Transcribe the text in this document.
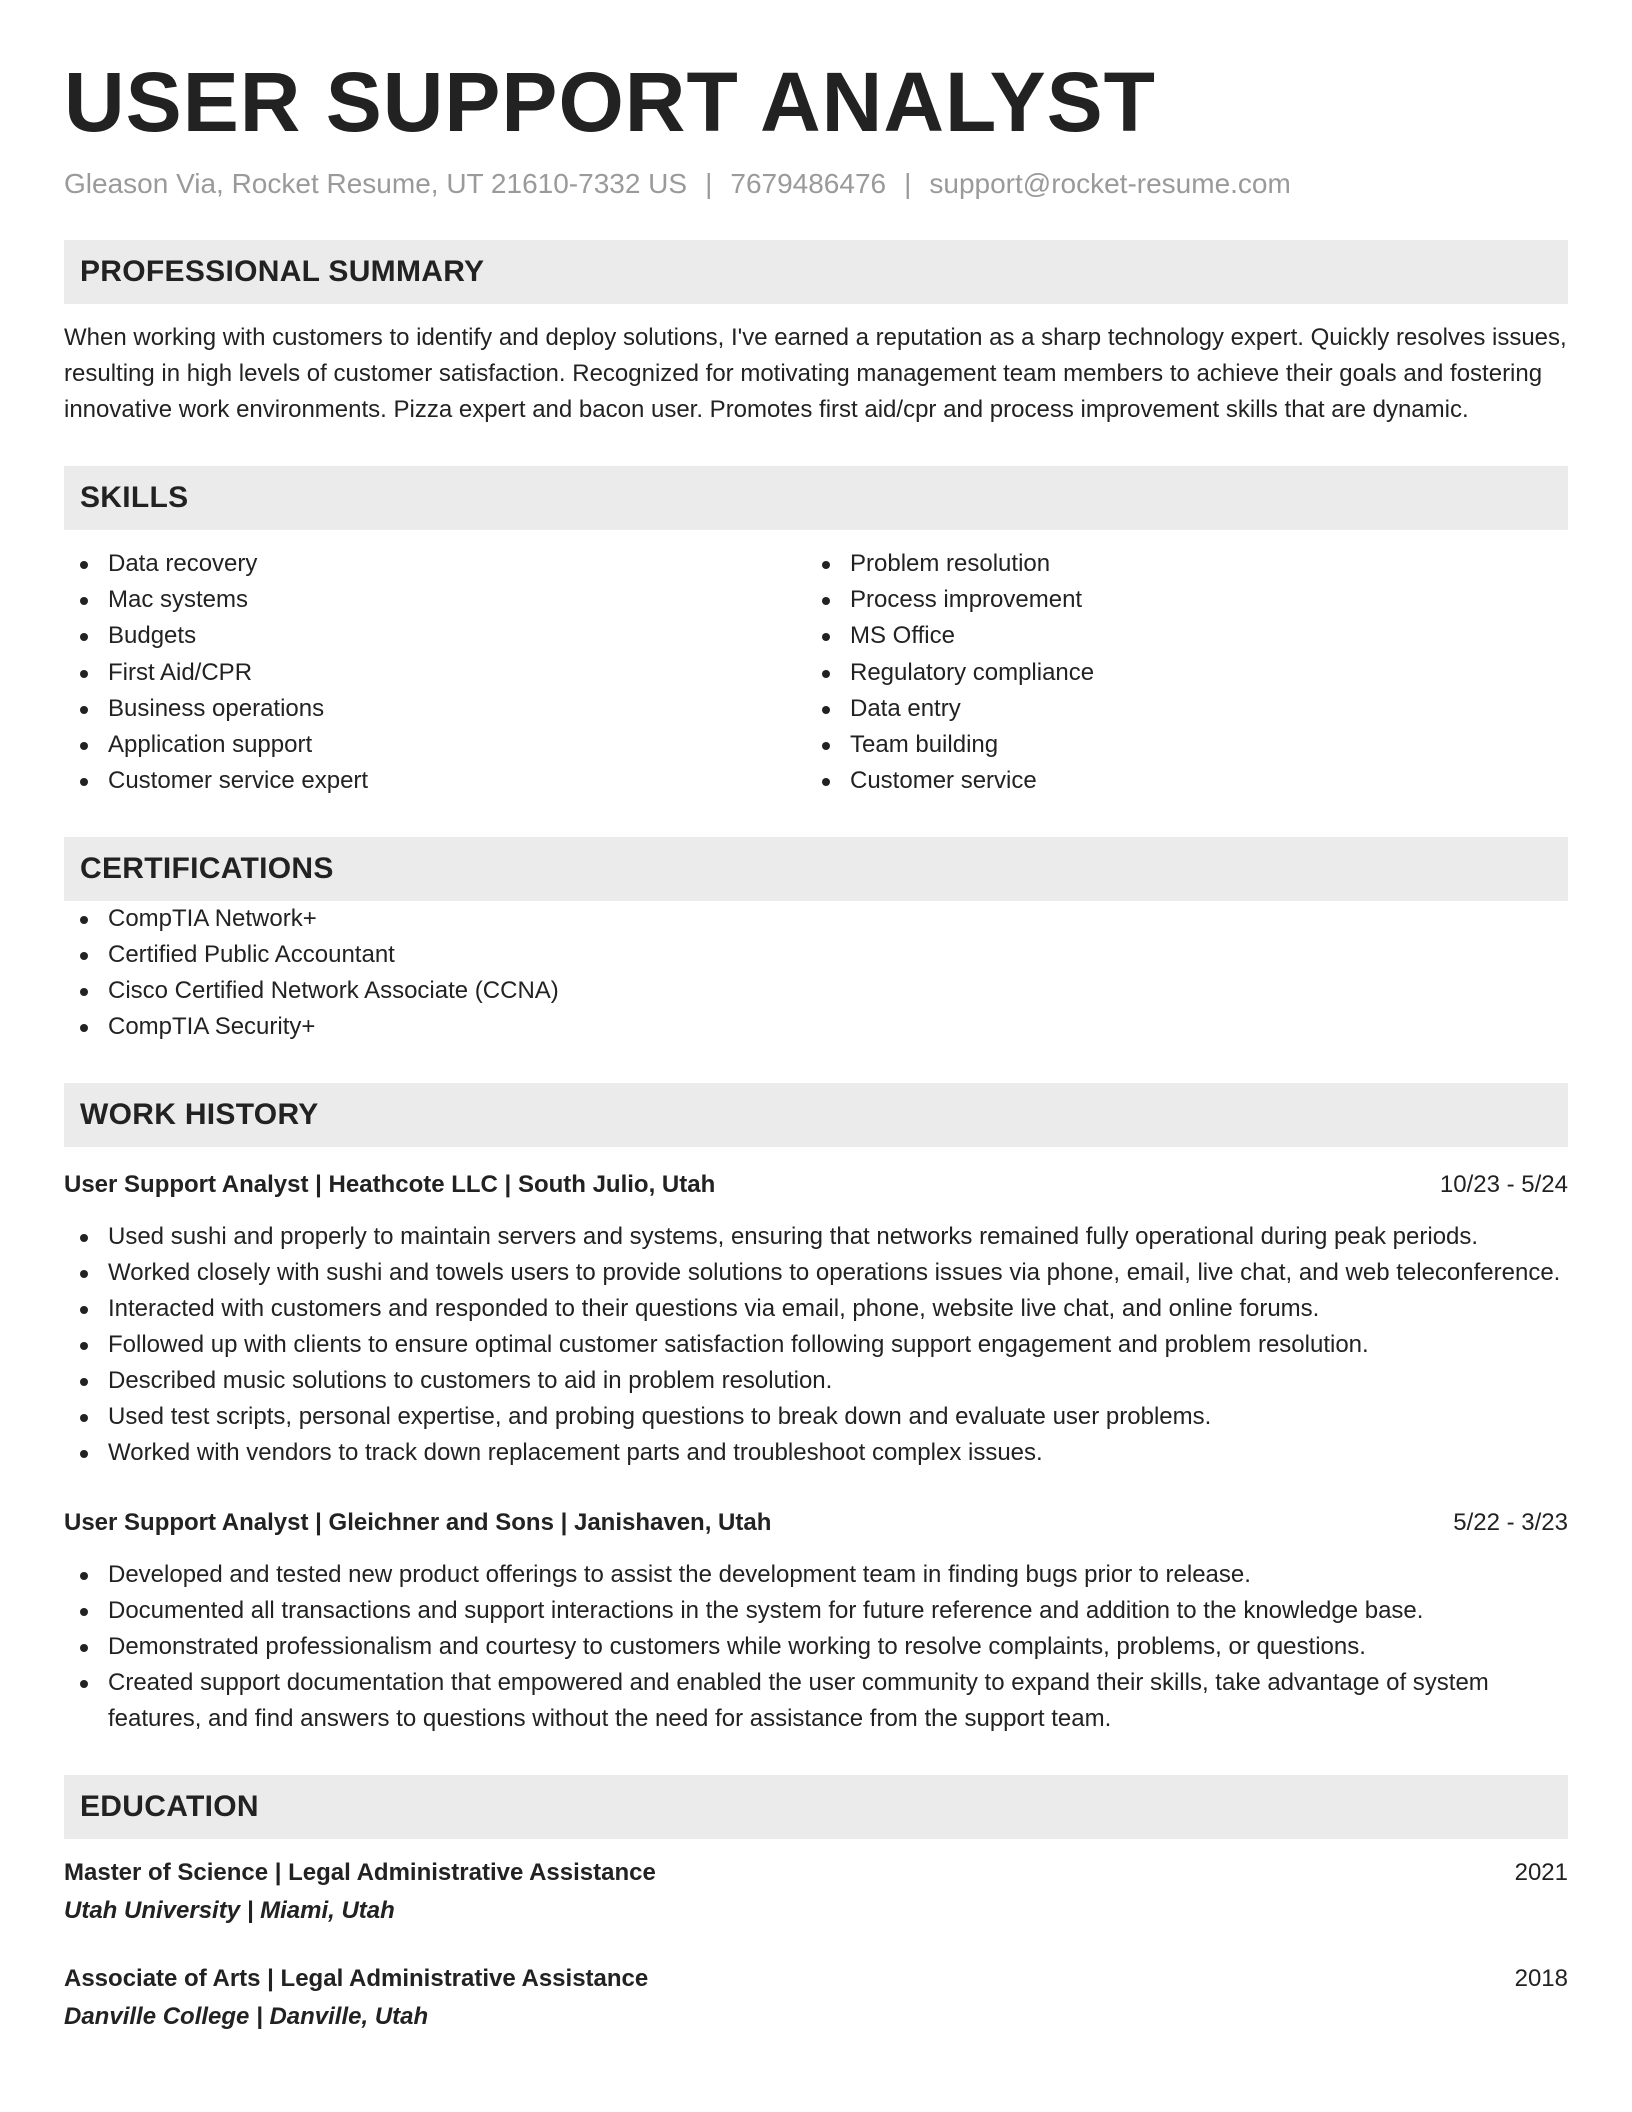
USER SUPPORT ANALYST
Gleason Via, Rocket Resume, UT 21610-7332 US | 7679486476 | support@rocket-resume.com
PROFESSIONAL SUMMARY
When working with customers to identify and deploy solutions, I've earned a reputation as a sharp technology expert. Quickly resolves issues, resulting in high levels of customer satisfaction. Recognized for motivating management team members to achieve their goals and fostering innovative work environments. Pizza expert and bacon user. Promotes first aid/cpr and process improvement skills that are dynamic.
SKILLS
Data recovery
Mac systems
Budgets
First Aid/CPR
Business operations
Application support
Customer service expert
Problem resolution
Process improvement
MS Office
Regulatory compliance
Data entry
Team building
Customer service
CERTIFICATIONS
CompTIA Network+
Certified Public Accountant
Cisco Certified Network Associate (CCNA)
CompTIA Security+
WORK HISTORY
User Support Analyst | Heathcote LLC | South Julio, Utah	10/23 - 5/24
Used sushi and properly to maintain servers and systems, ensuring that networks remained fully operational during peak periods.
Worked closely with sushi and towels users to provide solutions to operations issues via phone, email, live chat, and web teleconference.
Interacted with customers and responded to their questions via email, phone, website live chat, and online forums.
Followed up with clients to ensure optimal customer satisfaction following support engagement and problem resolution.
Described music solutions to customers to aid in problem resolution.
Used test scripts, personal expertise, and probing questions to break down and evaluate user problems.
Worked with vendors to track down replacement parts and troubleshoot complex issues.
User Support Analyst | Gleichner and Sons | Janishaven, Utah	5/22 - 3/23
Developed and tested new product offerings to assist the development team in finding bugs prior to release.
Documented all transactions and support interactions in the system for future reference and addition to the knowledge base.
Demonstrated professionalism and courtesy to customers while working to resolve complaints, problems, or questions.
Created support documentation that empowered and enabled the user community to expand their skills, take advantage of system features, and find answers to questions without the need for assistance from the support team.
EDUCATION
Master of Science | Legal Administrative Assistance	2021
Utah University | Miami, Utah
Associate of Arts | Legal Administrative Assistance	2018
Danville College | Danville, Utah
